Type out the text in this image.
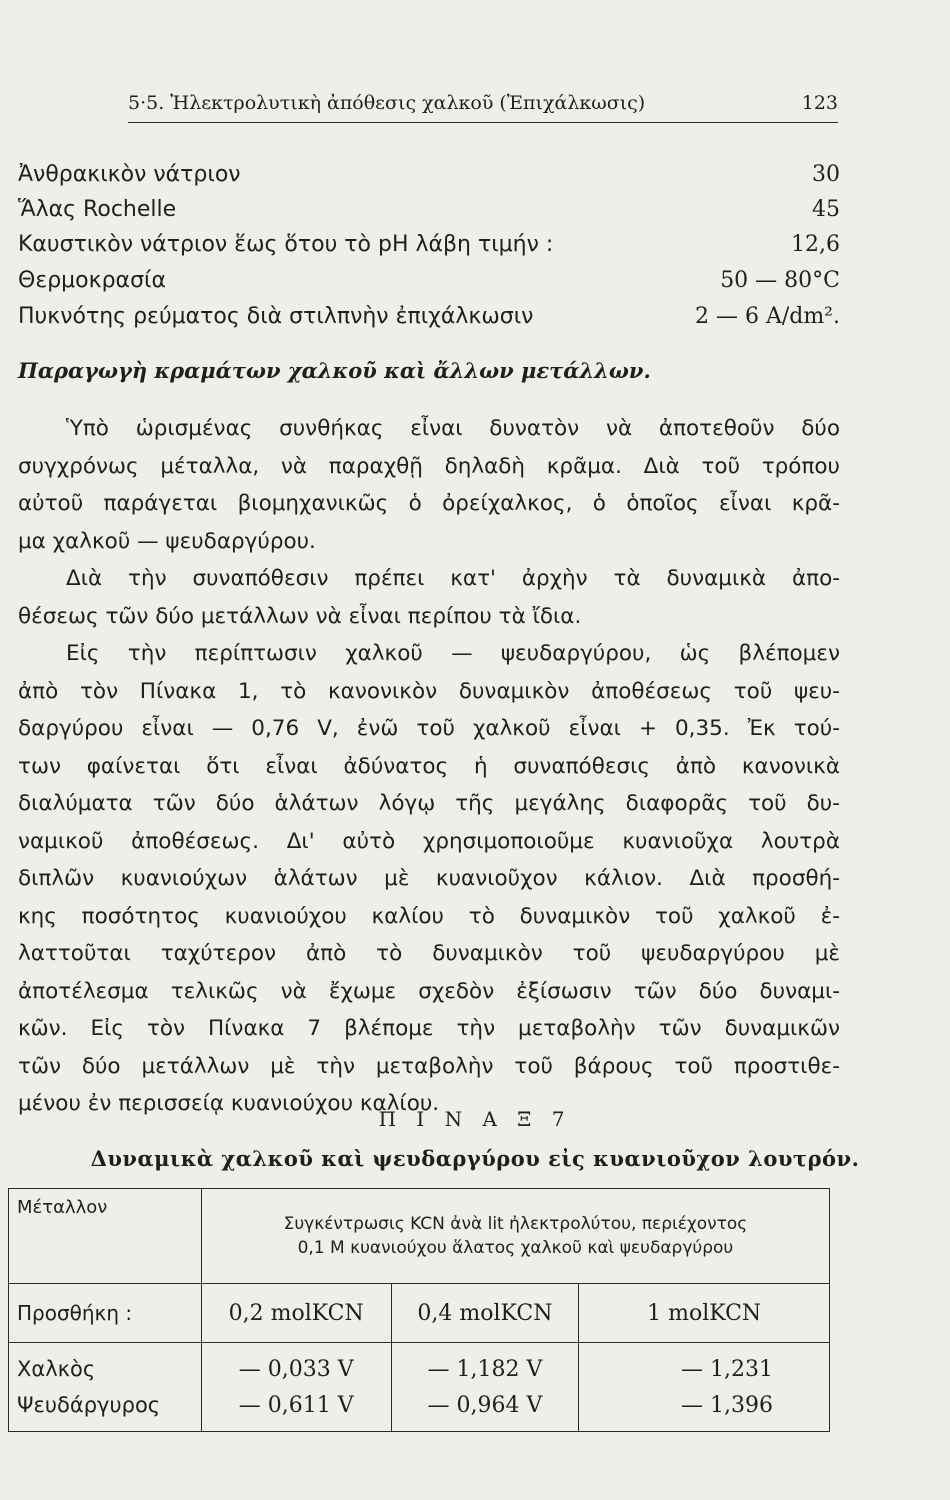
5·5. Ἠλεκτρολυτικὴ ἀπόθεσις χαλκοῦ (Ἐπιχάλκωσις)	123
Ἀνθρακικὸν νάτριον	30
Ἅλας Rochelle	45
Καυστικὸν νάτριον ἕως ὅτου τὸ pH λάβη τιμήν :	12,6
Θερμοκρασία	50 — 80°C
Πυκνότης ρεύματος διὰ στιλπνὴν ἐπιχάλκωσιν	2 — 6 A/dm².
Παραγωγὴ κραμάτων χαλκοῦ καὶ ἄλλων μετάλλων.
Ὑπὸ ὡρισμένας συνθήκας εἶναι δυνατὸν νὰ ἀποτεθοῦν δύο
συγχρόνως μέταλλα, νὰ παραχθῇ δηλαδὴ κρᾶμα. Διὰ τοῦ τρόπου
αὐτοῦ παράγεται βιομηχανικῶς ὁ ὀρείχαλκος, ὁ ὁποῖος εἶναι κρᾶ-
μα χαλκοῦ — ψευδαργύρου.
Διὰ τὴν συναπόθεσιν πρέπει κατ' ἀρχὴν τὰ δυναμικὰ ἀπο-
θέσεως τῶν δύο μετάλλων νὰ εἶναι περίπου τὰ ἴδια.
Εἰς τὴν περίπτωσιν χαλκοῦ — ψευδαργύρου, ὡς βλέπομεν
ἀπὸ τὸν Πίνακα 1, τὸ κανονικὸν δυναμικὸν ἀποθέσεως τοῦ ψευ-
δαργύρου εἶναι — 0,76 V, ἐνῶ τοῦ χαλκοῦ εἶναι + 0,35. Ἐκ τού-
των φαίνεται ὅτι εἶναι ἀδύνατος ἡ συναπόθεσις ἀπὸ κανονικὰ
διαλύματα τῶν δύο ἁλάτων λόγῳ τῆς μεγάλης διαφορᾶς τοῦ δυ-
ναμικοῦ ἀποθέσεως. Δι' αὐτὸ χρησιμοποιοῦμε κυανιοῦχα λουτρὰ
διπλῶν κυανιούχων ἁλάτων μὲ κυανιοῦχον κάλιον. Διὰ προσθή-
κης ποσότητος κυανιούχου καλίου τὸ δυναμικὸν τοῦ χαλκοῦ ἐ-
λαττοῦται ταχύτερον ἀπὸ τὸ δυναμικὸν τοῦ ψευδαργύρου μὲ
ἀποτέλεσμα τελικῶς νὰ ἔχωμε σχεδὸν ἐξίσωσιν τῶν δύο δυναμι-
κῶν. Εἰς τὸν Πίνακα 7 βλέπομε τὴν μεταβολὴν τῶν δυναμικῶν
τῶν δύο μετάλλων μὲ τὴν μεταβολὴν τοῦ βάρους τοῦ προστιθε-
μένου ἐν περισσείᾳ κυανιούχου καλίου.
Π Ι Ν Α Ξ 7
Δυναμικὰ χαλκοῦ καὶ ψευδαργύρου εἰς κυανιοῦχον λουτρόν.
Μέταλλον	Συγκέντρωσις KCN ἀνὰ lit ἠλεκτρολύτου, περιέχοντος
0,1 M κυανιούχου ἅλατος χαλκοῦ καὶ ψευδαργύρου		

Προσθήκη :	0,2 molKCN	0,4 molKCN	1 molKCN
Χαλκὸς	— 0,033 V	— 1,182 V	— 1,231
Ψευδάργυρος	— 0,611 V	— 0,964 V	— 1,396
